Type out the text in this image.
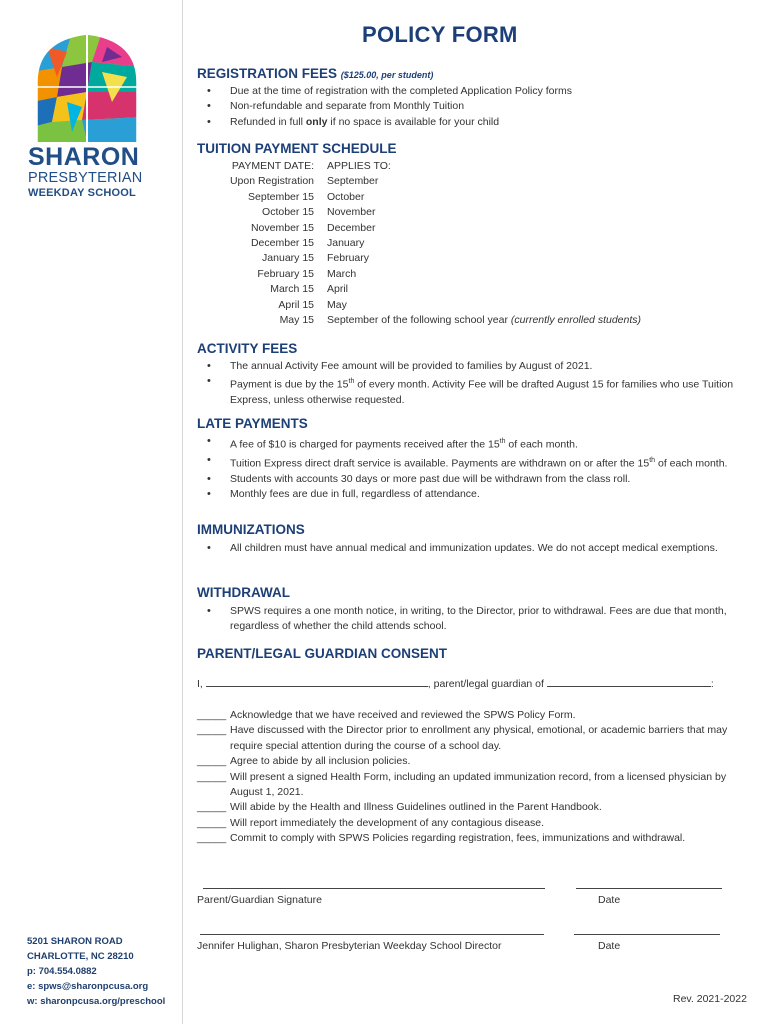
SHARON
PRESBYTERIAN
WEEKDAY SCHOOL
5201 SHARON ROAD
CHARLOTTE, NC 28210
p: 704.554.0882
e: spws@sharonpcusa.org
w: sharonpcusa.org/preschool
POLICY FORM
REGISTRATION FEES ($125.00, per student)
• Due at the time of registration with the completed Application Policy forms
• Non-refundable and separate from Monthly Tuition
• Refunded in full only if no space is available for your child
TUITION PAYMENT SCHEDULE
PAYMENT DATE:	APPLIES TO:
Upon Registration	September
September 15	October
October 15	November
November 15	December
December 15	January
January 15	February
February 15	March
March 15	April
April 15	May
May 15	September of the following school year (currently enrolled students)
ACTIVITY FEES
• The annual Activity Fee amount will be provided to families by August of 2021.
• Payment is due by the 15th of every month. Activity Fee will be drafted August 15 for families who use Tuition Express, unless otherwise requested.
LATE PAYMENTS
• A fee of $10 is charged for payments received after the 15th of each month.
• Tuition Express direct draft service is available. Payments are withdrawn on or after the 15th of each month.
• Students with accounts 30 days or more past due will be withdrawn from the class roll.
• Monthly fees are due in full, regardless of attendance.
IMMUNIZATIONS
• All children must have annual medical and immunization updates. We do not accept medical exemptions.
WITHDRAWAL
• SPWS requires a one month notice, in writing, to the Director, prior to withdrawal. Fees are due that month, regardless of whether the child attends school.
PARENT/LEGAL GUARDIAN CONSENT
I,	, parent/legal guardian of	:
_____ Acknowledge that we have received and reviewed the SPWS Policy Form.
_____ Have discussed with the Director prior to enrollment any physical, emotional, or academic barriers that may require special attention during the course of a school day.
_____ Agree to abide by all inclusion policies.
_____ Will present a signed Health Form, including an updated immunization record, from a licensed physician by August 1, 2021.
_____ Will abide by the Health and Illness Guidelines outlined in the Parent Handbook.
_____ Will report immediately the development of any contagious disease.
_____ Commit to comply with SPWS Policies regarding registration, fees, immunizations and withdrawal.
Parent/Guardian Signature	Date
Jennifer Hulighan, Sharon Presbyterian Weekday School Director	Date
Rev. 2021-2022
